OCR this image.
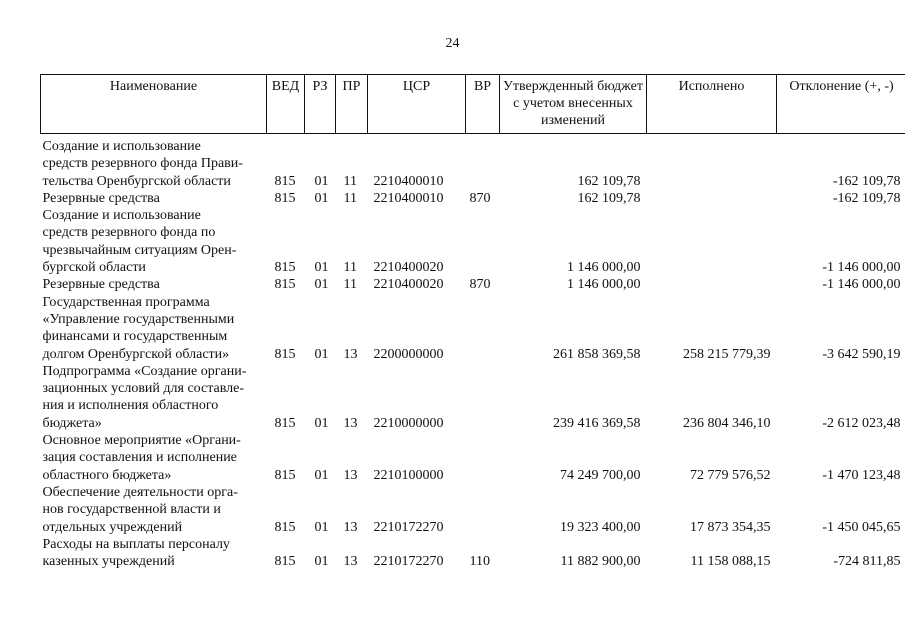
24
Наименование	ВЕД	РЗ	ПР	ЦСР	ВР	Утвержденный бюджет с учетом внесенных изменений	Исполнено	Отклонение (+, -)

Создание и использование
средств резервного фонда Прави-
тельства Оренбургской области	815	01	11	2210400010		162 109,78		-162 109,78

Резервные средства	815	01	11	2210400010	870	162 109,78		-162 109,78

Создание и использование
средств резервного фонда по
чрезвычайным ситуациям Орен-
бургской области	815	01	11	2210400020		1 146 000,00		-1 146 000,00

Резервные средства	815	01	11	2210400020	870	1 146 000,00		-1 146 000,00

Государственная программа
«Управление государственными
финансами и государственным
долгом Оренбургской области»	815	01	13	2200000000		261 858 369,58	258 215 779,39	-3 642 590,19

Подпрограмма «Создание органи-
зационных условий для составле-
ния и исполнения областного
бюджета»	815	01	13	2210000000		239 416 369,58	236 804 346,10	-2 612 023,48

Основное мероприятие «Органи-
зация составления и исполнение
областного бюджета»	815	01	13	2210100000		74 249 700,00	72 779 576,52	-1 470 123,48

Обеспечение деятельности орга-
нов государственной власти и
отдельных учреждений	815	01	13	2210172270		19 323 400,00	17 873 354,35	-1 450 045,65

Расходы на выплаты персоналу
казенных учреждений	815	01	13	2210172270	110	11 882 900,00	11 158 088,15	-724 811,85
